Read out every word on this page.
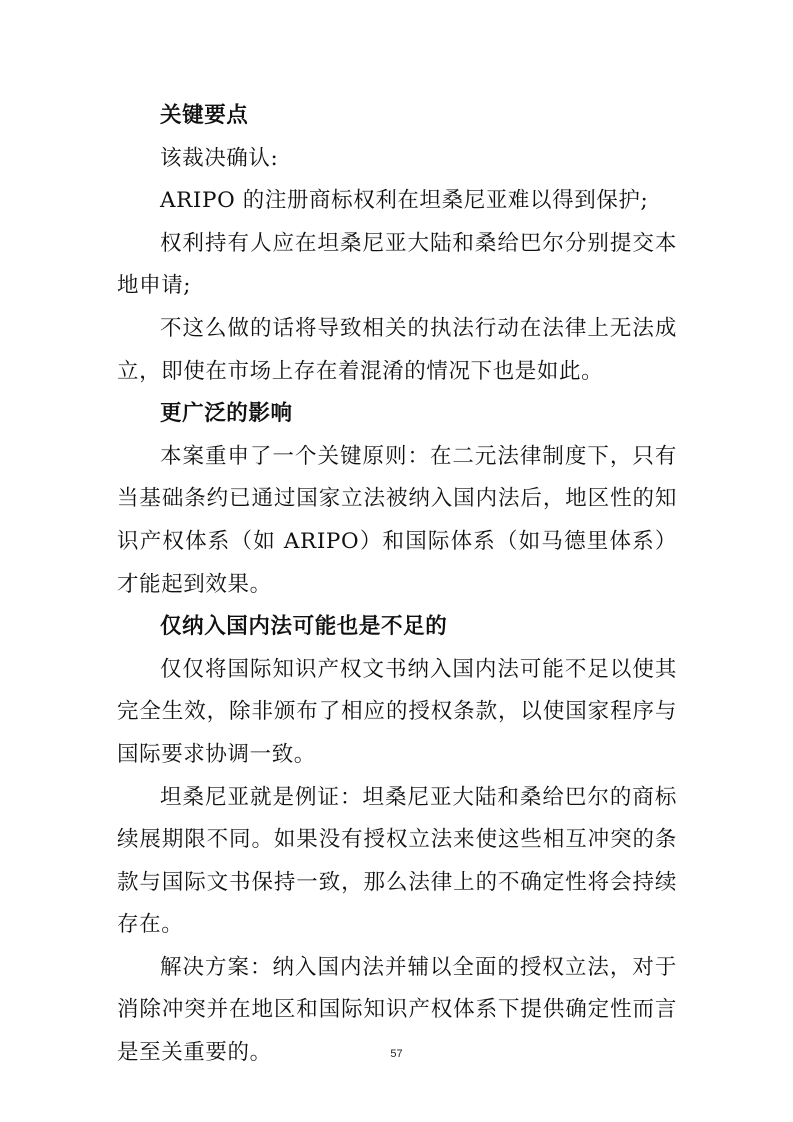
关键要点

该裁决确认:

ARIPO 的注册商标权利在坦桑尼亚难以得到保护;

权利持有人应在坦桑尼亚大陆和桑给巴尔分别提交本地申请;

不这么做的话将导致相关的执法行动在法律上无法成立，即使在市场上存在着混淆的情况下也是如此。

更广泛的影响

本案重申了一个关键原则：在二元法律制度下，只有当基础条约已通过国家立法被纳入国内法后，地区性的知识产权体系（如 ARIPO）和国际体系（如马德里体系）才能起到效果。

仅纳入国内法可能也是不足的

仅仅将国际知识产权文书纳入国内法可能不足以使其完全生效，除非颁布了相应的授权条款，以使国家程序与国际要求协调一致。

坦桑尼亚就是例证：坦桑尼亚大陆和桑给巴尔的商标续展期限不同。如果没有授权立法来使这些相互冲突的条款与国际文书保持一致，那么法律上的不确定性将会持续存在。

解决方案：纳入国内法并辅以全面的授权立法，对于消除冲突并在地区和国际知识产权体系下提供确定性而言是至关重要的。	57
